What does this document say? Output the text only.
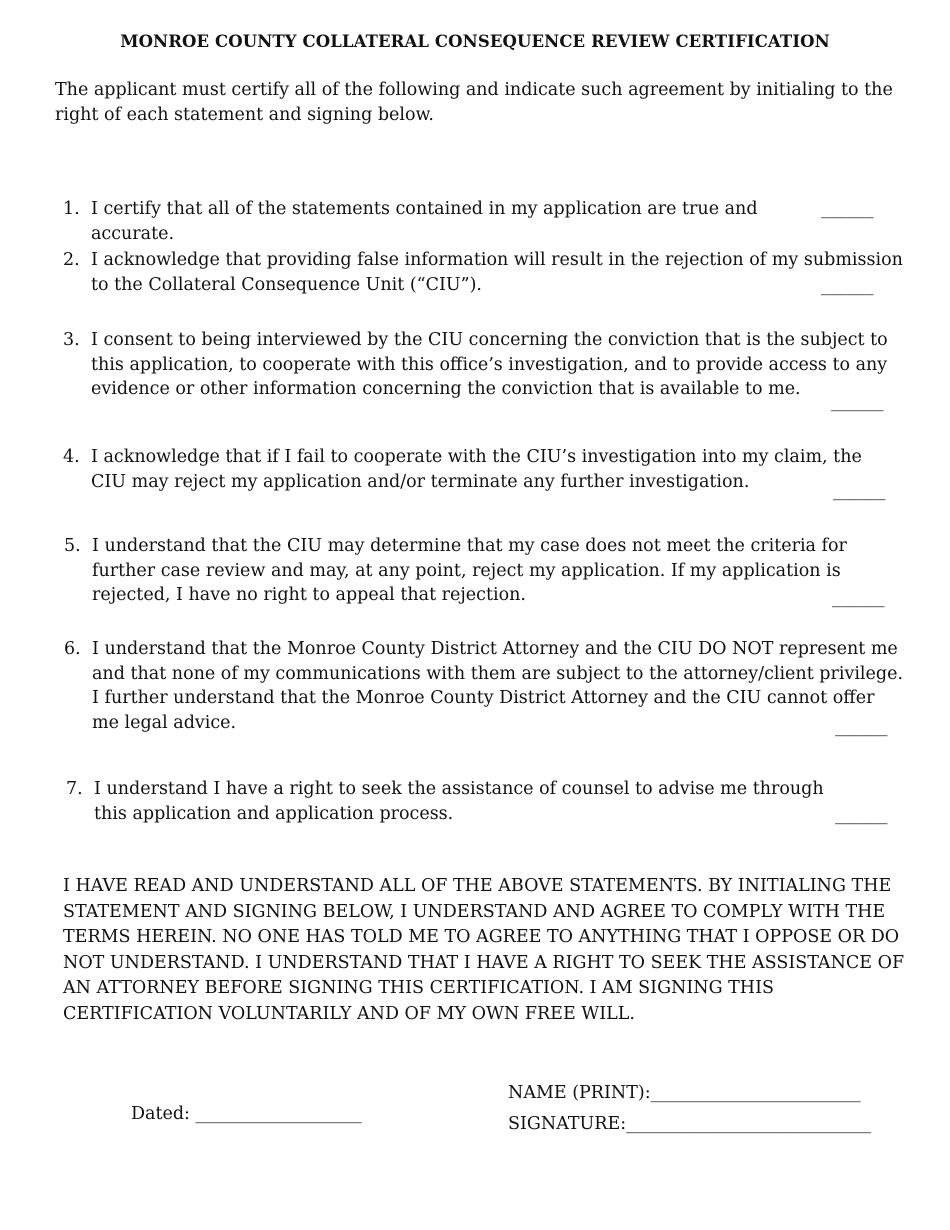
MONROE COUNTY COLLATERAL CONSEQUENCE REVIEW CERTIFICATION
The applicant must certify all of the following and indicate such agreement by initialing to the right of each statement and signing below.
1. I certify that all of the statements contained in my application are true and accurate.
______
2. I acknowledge that providing false information will result in the rejection of my submission to the Collateral Consequence Unit (“CIU”).	______
3. I consent to being interviewed by the CIU concerning the conviction that is the subject to this application, to cooperate with this office’s investigation, and to provide access to any evidence or other information concerning the conviction that is available to me.
______
4. I acknowledge that if I fail to cooperate with the CIU’s investigation into my claim, the CIU may reject my application and/or terminate any further investigation.	______
5. I understand that the CIU may determine that my case does not meet the criteria for further case review and may, at any point, reject my application. If my application is rejected, I have no right to appeal that rejection.	______
6. I understand that the Monroe County District Attorney and the CIU DO NOT represent me and that none of my communications with them are subject to the attorney/client privilege. I further understand that the Monroe County District Attorney and the CIU cannot offer me legal advice.	______
7. I understand I have a right to seek the assistance of counsel to advise me through this application and application process.	______
I HAVE READ AND UNDERSTAND ALL OF THE ABOVE STATEMENTS. BY INITIALING THE STATEMENT AND SIGNING BELOW, I UNDERSTAND AND AGREE TO COMPLY WITH THE TERMS HEREIN. NO ONE HAS TOLD ME TO AGREE TO ANYTHING THAT I OPPOSE OR DO NOT UNDERSTAND. I UNDERSTAND THAT I HAVE A RIGHT TO SEEK THE ASSISTANCE OF AN ATTORNEY BEFORE SIGNING THIS CERTIFICATION. I AM SIGNING THIS CERTIFICATION VOLUNTARILY AND OF MY OWN FREE WILL.
NAME (PRINT):________________________
SIGNATURE:____________________________
Dated: ___________________
